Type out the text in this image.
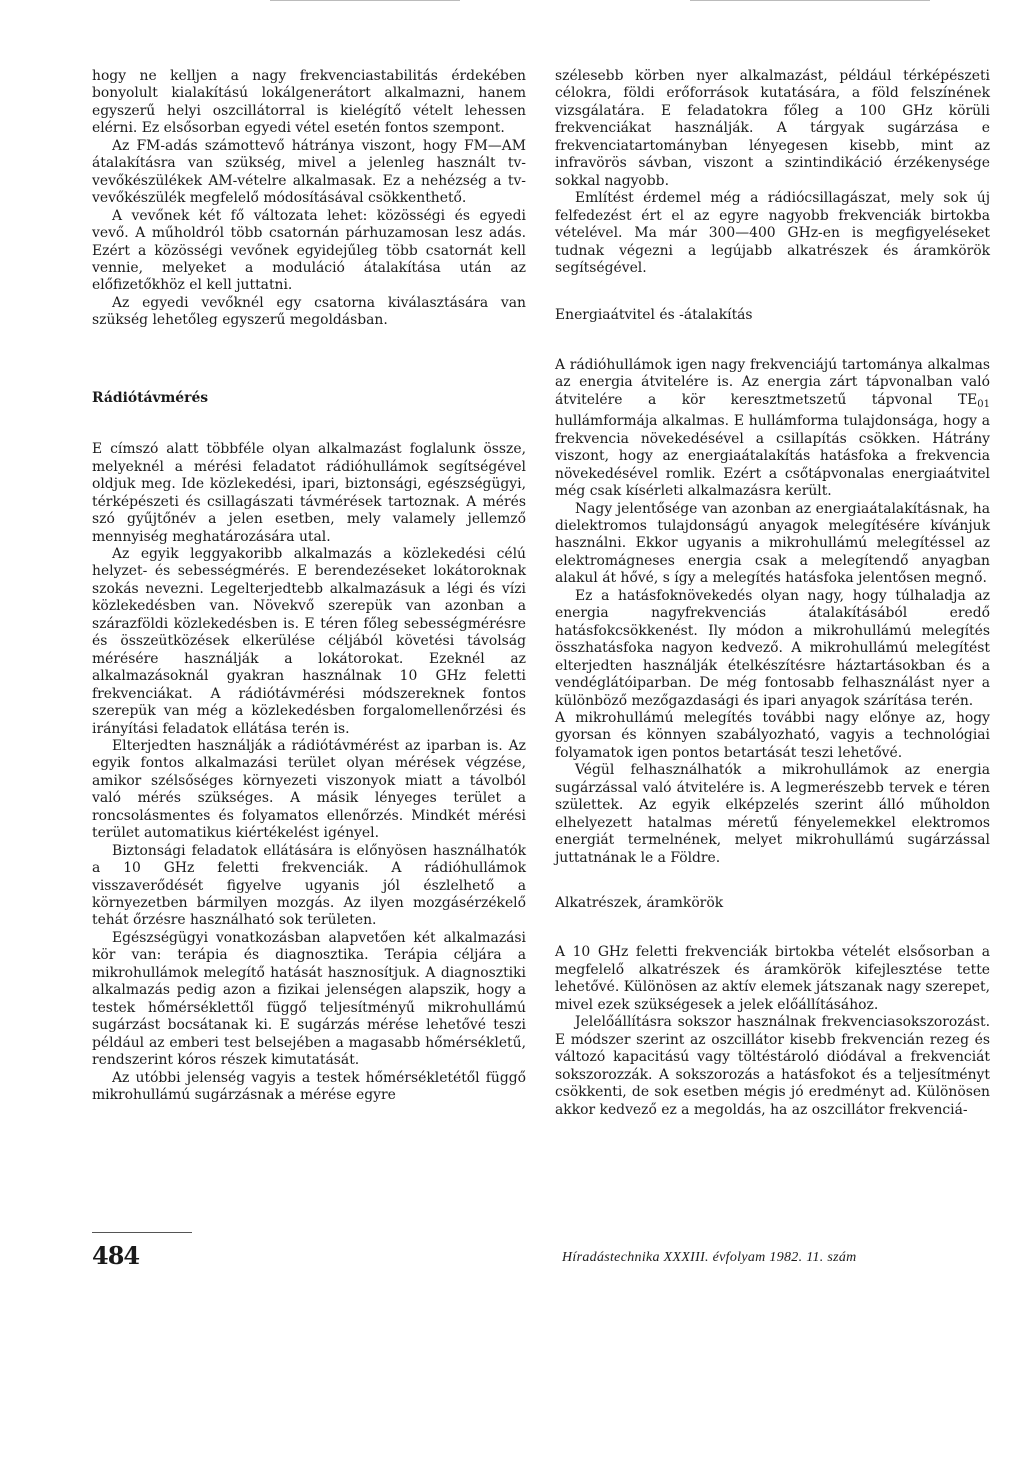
hogy ne kelljen a nagy frekvenciastabilitás érdekében bonyolult kialakítású lokálgenerátort alkalmazni, hanem egyszerű helyi oszcillátorral is kielégítő vételt lehessen elérni. Ez elsősorban egyedi vétel esetén fontos szempont.

Az FM-adás számottevő hátránya viszont, hogy FM—AM átalakításra van szükség, mivel a jelenleg használt tv-vevőkészülékek AM-vételre alkalmasak. Ez a nehézség a tv-vevőkészülék megfelelő módosításával csökkenthető.

A vevőnek két fő változata lehet: közösségi és egyedi vevő. A műholdról több csatornán párhuzamosan lesz adás. Ezért a közösségi vevőnek egyidejűleg több csatornát kell vennie, melyeket a moduláció átalakítása után az előfizetőkhöz el kell juttatni.

Az egyedi vevőknél egy csatorna kiválasztására van szükség lehetőleg egyszerű megoldásban.

Rádiótávmérés

E címszó alatt többféle olyan alkalmazást foglalunk össze, melyeknél a mérési feladatot rádióhullámok segítségével oldjuk meg. Ide közlekedési, ipari, biztonsági, egészségügyi, térképészeti és csillagászati távmérések tartoznak. A mérés szó gyűjtőnév a jelen esetben, mely valamely jellemző mennyiség meghatározására utal.

Az egyik leggyakoribb alkalmazás a közlekedési célú helyzet- és sebességmérés. E berendezéseket lokátoroknak szokás nevezni. Legelterjedtebb alkalmazásuk a légi és vízi közlekedésben van. Növekvő szerepük van azonban a szárazföldi közlekedésben is. E téren főleg sebességmérésre és összeütközések elkerülése céljából követési távolság mérésére használják a lokátorokat. Ezeknél az alkalmazásoknál gyakran használnak 10 GHz feletti frekvenciákat. A rádiótávmérési módszereknek fontos szerepük van még a közlekedésben forgalomellenőrzési és irányítási feladatok ellátása terén is.

Elterjedten használják a rádiótávmérést az iparban is. Az egyik fontos alkalmazási terület olyan mérések végzése, amikor szélsőséges környezeti viszonyok miatt a távolból való mérés szükséges. A másik lényeges terület a roncsolásmentes és folyamatos ellenőrzés. Mindkét mérési terület automatikus kiértékelést igényel.

Biztonsági feladatok ellátására is előnyösen használhatók a 10 GHz feletti frekvenciák. A rádióhullámok visszaverődését figyelve ugyanis jól észlelhető a környezetben bármilyen mozgás. Az ilyen mozgásérzékelő tehát őrzésre használható sok területen.

Egészségügyi vonatkozásban alapvetően két alkalmazási kör van: terápia és diagnosztika. Terápia céljára a mikrohullámok melegítő hatását hasznosítjuk. A diagnosztiki alkalmazás pedig azon a fizikai jelenségen alapszik, hogy a testek hőmérséklettől függő teljesítményű mikrohullámú sugárzást bocsátanak ki. E sugárzás mérése lehetővé teszi például az emberi test belsejében a magasabb hőmérsékletű, rendszerint kóros részek kimutatását.

Az utóbbi jelenség vagyis a testek hőmérsékletétől függő mikrohullámú sugárzásnak a mérése egyre

szélesebb körben nyer alkalmazást, például térképészeti célokra, földi erőforrások kutatására, a föld felszínének vizsgálatára. E feladatokra főleg a 100 GHz körüli frekvenciákat használják. A tárgyak sugárzása e frekvenciatartományban lényegesen kisebb, mint az infravörös sávban, viszont a szintindikáció érzékenysége sokkal nagyobb.

Említést érdemel még a rádiócsillagászat, mely sok új felfedezést ért el az egyre nagyobb frekvenciák birtokba vételével. Ma már 300—400 GHz-en is megfigyeléseket tudnak végezni a legújabb alkatrészek és áramkörök segítségével.

Energiaátvitel és -átalakítás

A rádióhullámok igen nagy frekvenciájú tartománya alkalmas az energia átvitelére is. Az energia zárt tápvonalban való átvitelére a kör keresztmetszetű tápvonal $TE_{01}$ hullámformája alkalmas. E hullámforma tulajdonsága, hogy a frekvencia növekedésével a csillapítás csökken. Hátrány viszont, hogy az energiaátalakítás hatásfoka a frekvencia növekedésével romlik. Ezért a csőtápvonalas energiaátvitel még csak kísérleti alkalmazásra került.

Nagy jelentősége van azonban az energiaátalakításnak, ha dielektromos tulajdonságú anyagok melegítésére kívánjuk használni. Ekkor ugyanis a mikrohullámú melegítéssel az elektromágneses energia csak a melegítendő anyagban alakul át hővé, s így a melegítés hatásfoka jelentősen megnő.

Ez a hatásfoknövekedés olyan nagy, hogy túlhaladja az energia nagyfrekvenciás átalakításából eredő hatásfokcsökkenést. Ily módon a mikrohullámú melegítés összhatásfoka nagyon kedvező. A mikrohullámú melegítést elterjedten használják ételkészítésre háztartásokban és a vendéglátóiparban. De még fontosabb felhasználást nyer a különböző mezőgazdasági és ipari anyagok szárítása terén.

A mikrohullámú melegítés további nagy előnye az, hogy gyorsan és könnyen szabályozható, vagyis a technológiai folyamatok igen pontos betartását teszi lehetővé.

Végül felhasználhatók a mikrohullámok az energia sugárzással való átvitelére is. A legmerészebb tervek e téren születtek. Az egyik elképzelés szerint álló műholdon elhelyezett hatalmas méretű fényelemekkel elektromos energiát termelnének, melyet mikrohullámú sugárzással juttatnának le a Földre.

Alkatrészek, áramkörök

A 10 GHz feletti frekvenciák birtokba vételét elsősorban a megfelelő alkatrészek és áramkörök kifejlesztése tette lehetővé. Különösen az aktív elemek játszanak nagy szerepet, mivel ezek szükségesek a jelek előállításához.

Jelelőállításra sokszor használnak frekvenciasokszorozást. E módszer szerint az oszcillátor kisebb frekvencián rezeg és változó kapacitású vagy töltéstároló diódával a frekvenciát sokszorozzák. A sokszorozás a hatásfokot és a teljesítményt csökkenti, de sok esetben mégis jó eredményt ad. Különösen akkor kedvező ez a megoldás, ha az oszcillátor frekvenciá-

484	Híradástechnika XXXIII. évfolyam 1982. 11. szám
